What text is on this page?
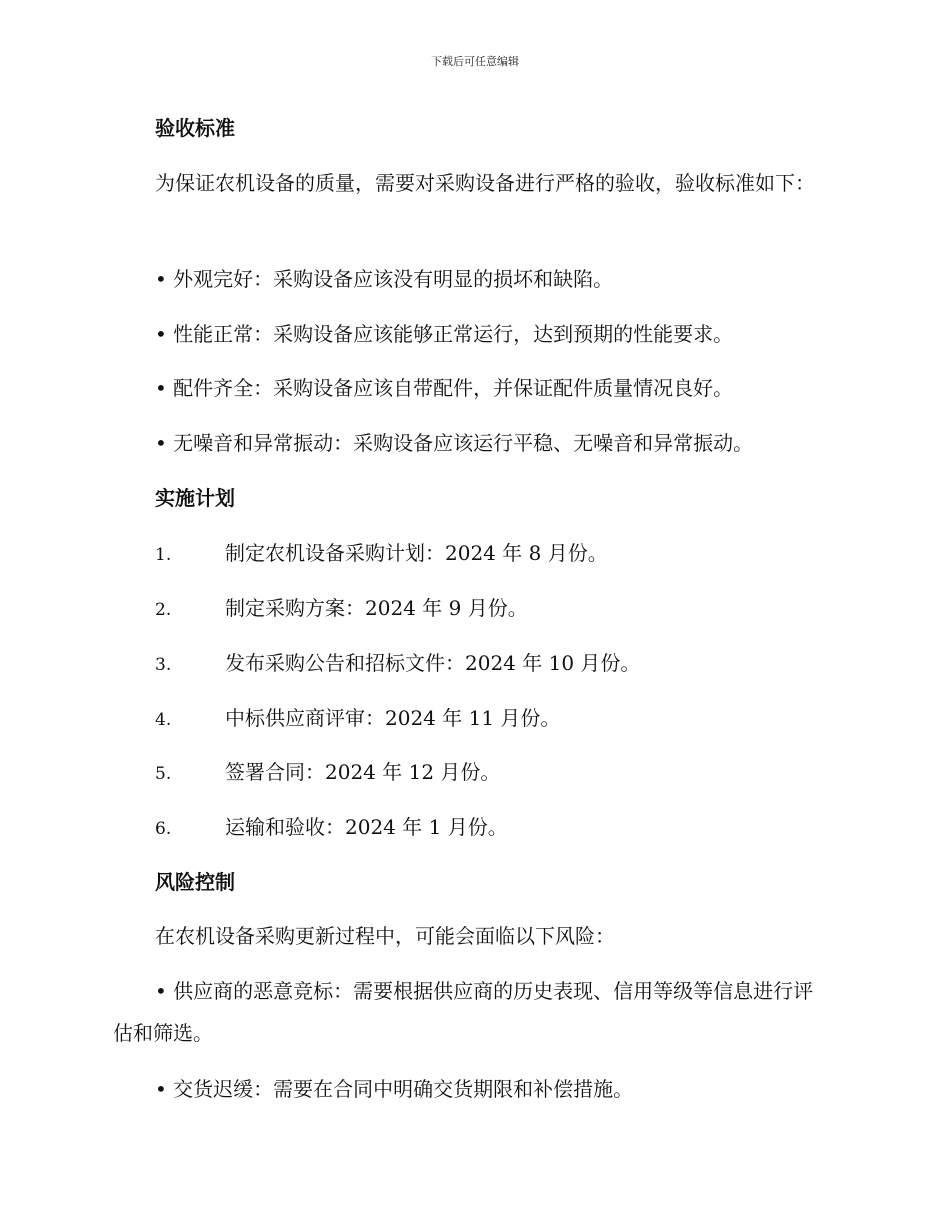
下载后可任意编辑
验收标准

为保证农机设备的质量，需要对采购设备进行严格的验收，验收标准如下：

• 外观完好：采购设备应该没有明显的损坏和缺陷。
• 性能正常：采购设备应该能够正常运行，达到预期的性能要求。
• 配件齐全：采购设备应该自带配件，并保证配件质量情况良好。
• 无噪音和异常振动：采购设备应该运行平稳、无噪音和异常振动。
实施计划
1.	制定农机设备采购计划：2024 年 8 月份。
2.	制定采购方案：2024 年 9 月份。
3.	发布采购公告和招标文件：2024 年 10 月份。
4.	中标供应商评审：2024 年 11 月份。
5.	签署合同：2024 年 12 月份。
6.	运输和验收：2024 年 1 月份。
风险控制
在农机设备采购更新过程中，可能会面临以下风险：

• 供应商的恶意竞标：需要根据供应商的历史表现、信用等级等信息进行评估和筛选。

• 交货迟缓：需要在合同中明确交货期限和补偿措施。
